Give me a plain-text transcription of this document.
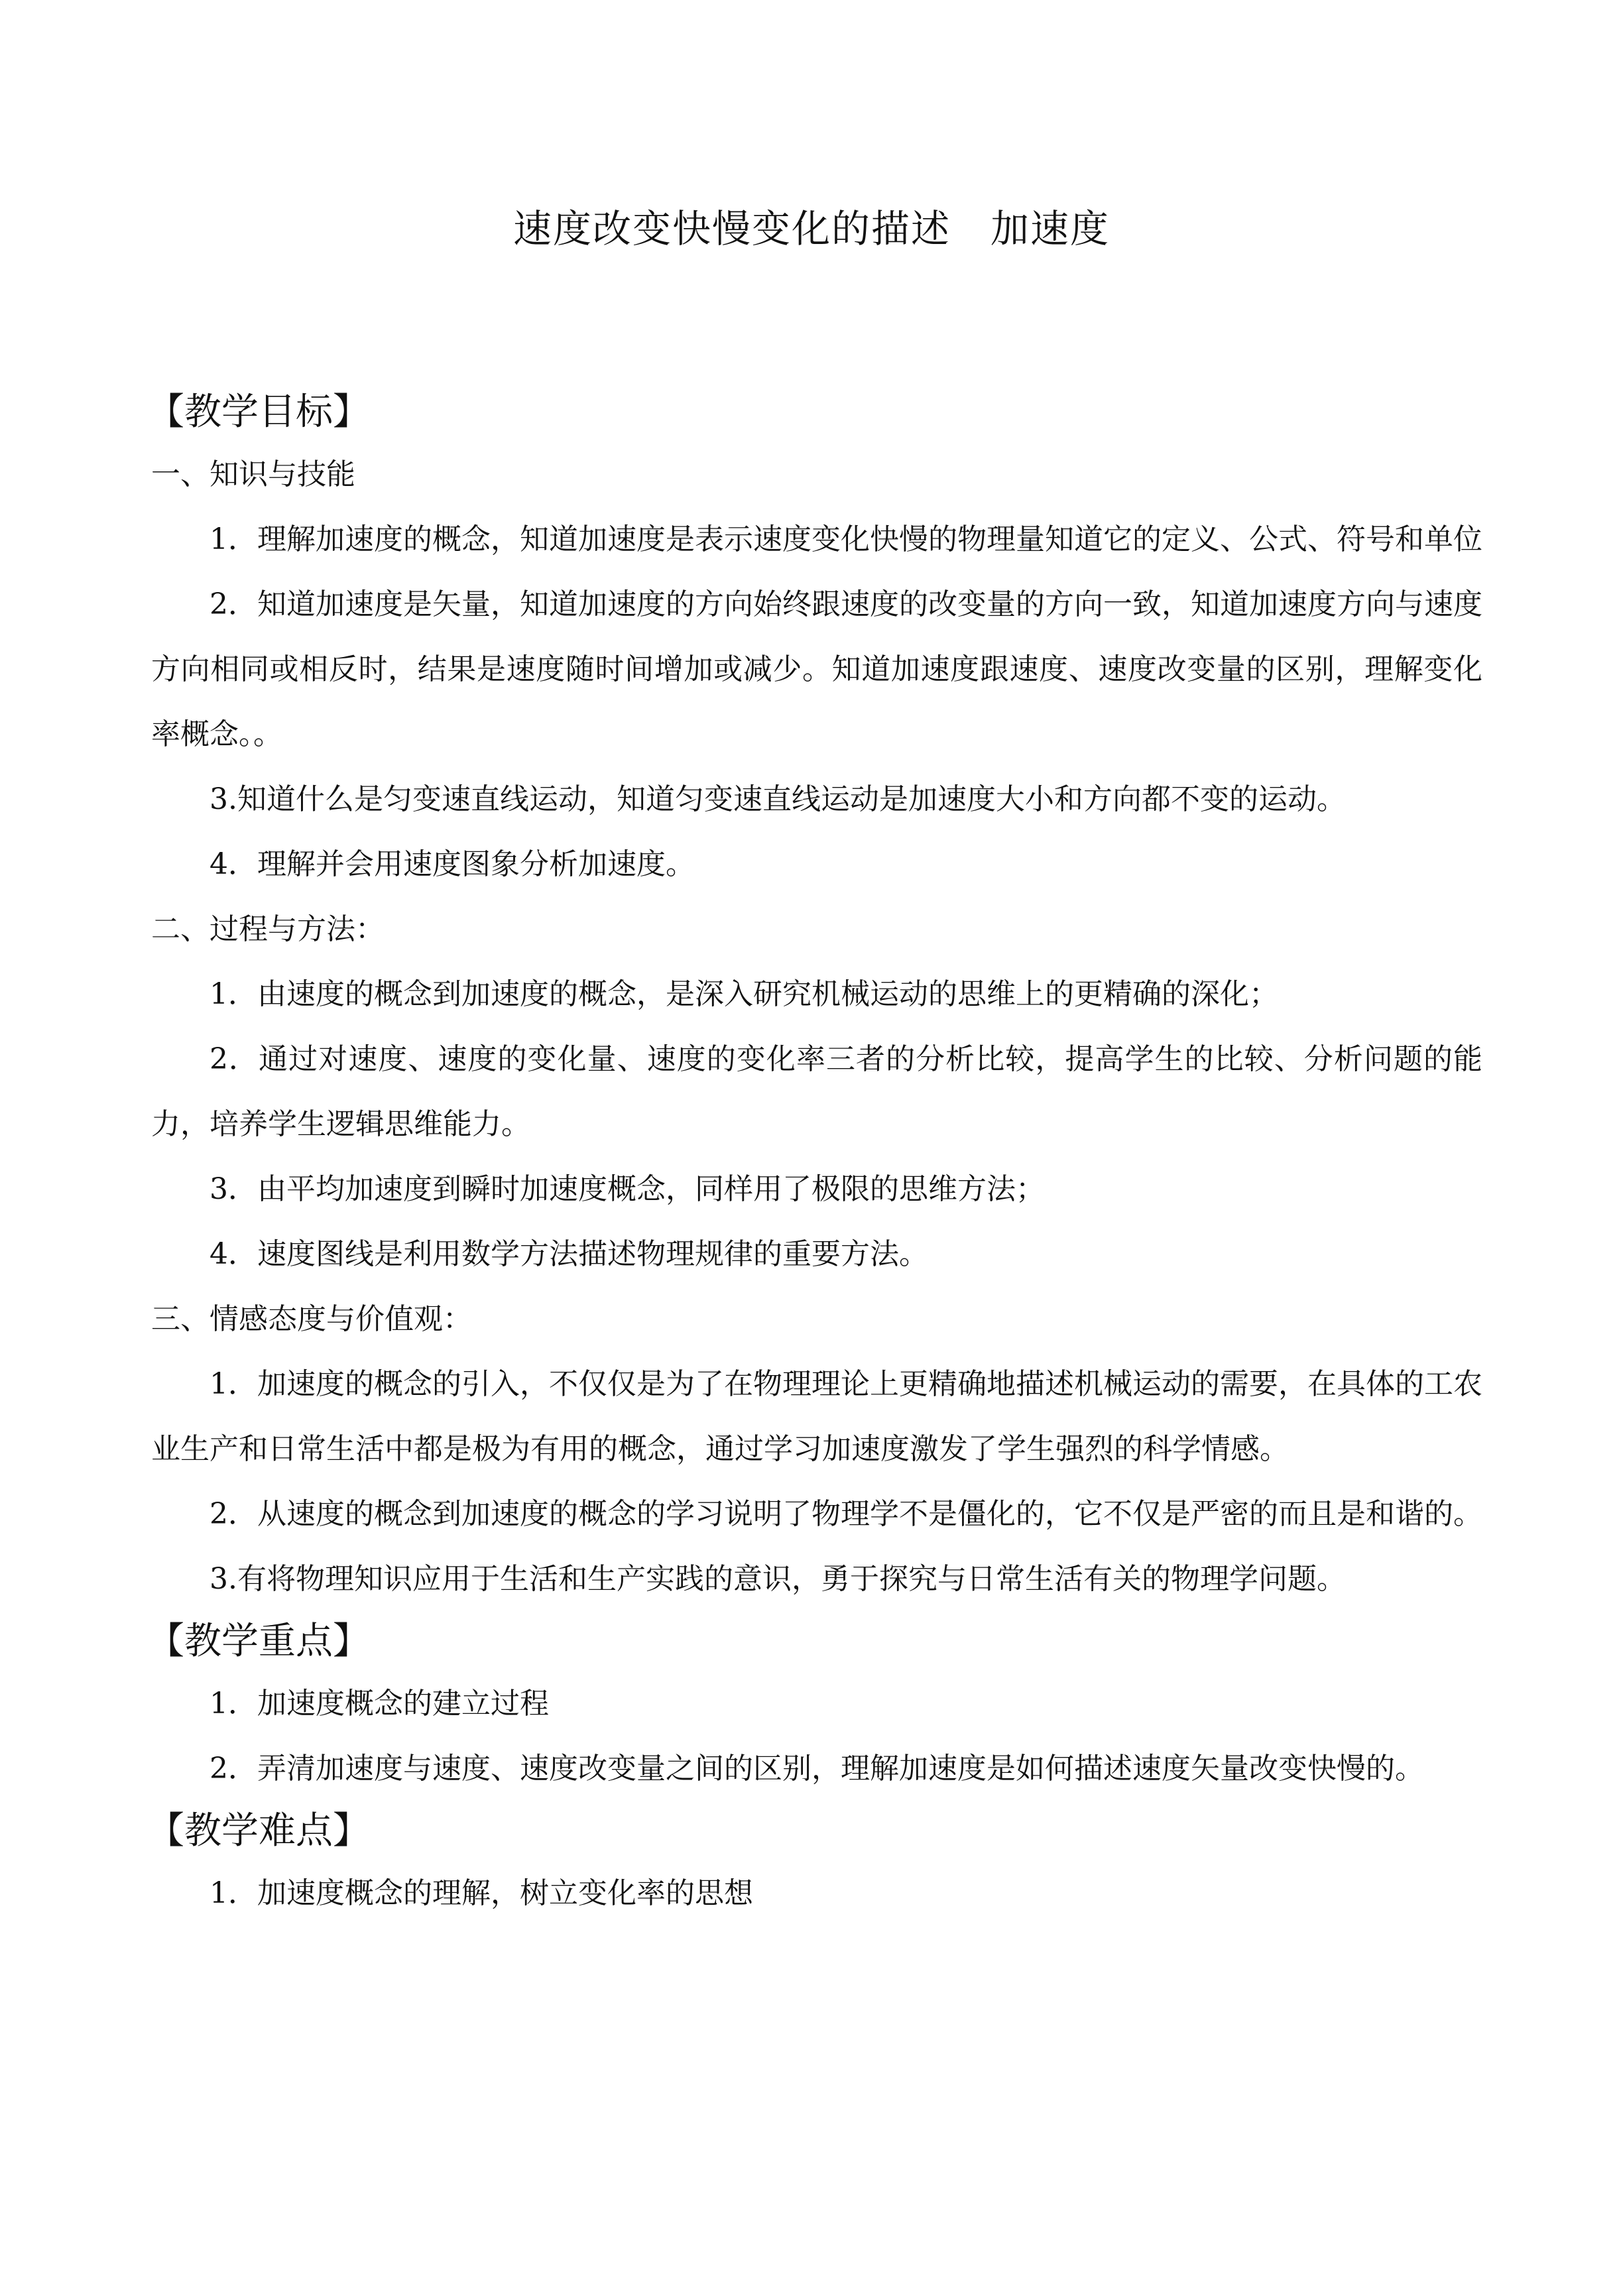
速度改变快慢变化的描述　加速度
【教学目标】
一、知识与技能
1．理解加速度的概念，知道加速度是表示速度变化快慢的物理量知道它的定义、公式、符号和单位
2．知道加速度是矢量，知道加速度的方向始终跟速度的改变量的方向一致，知道加速度方向与速度方向相同或相反时，结果是速度随时间增加或减少。知道加速度跟速度、速度改变量的区别，理解变化率概念。。
3.知道什么是匀变速直线运动，知道匀变速直线运动是加速度大小和方向都不变的运动。
4．理解并会用速度图象分析加速度。
二、过程与方法：
1．由速度的概念到加速度的概念，是深入研究机械运动的思维上的更精确的深化；
2．通过对速度、速度的变化量、速度的变化率三者的分析比较，提高学生的比较、分析问题的能力，培养学生逻辑思维能力。
3．由平均加速度到瞬时加速度概念，同样用了极限的思维方法；
4．速度图线是利用数学方法描述物理规律的重要方法。
三、情感态度与价值观：
1．加速度的概念的引入，不仅仅是为了在物理理论上更精确地描述机械运动的需要，在具体的工农业生产和日常生活中都是极为有用的概念，通过学习加速度激发了学生强烈的科学情感。
2．从速度的概念到加速度的概念的学习说明了物理学不是僵化的，它不仅是严密的而且是和谐的。
3.有将物理知识应用于生活和生产实践的意识，勇于探究与日常生活有关的物理学问题。
【教学重点】
1．加速度概念的建立过程
2．弄清加速度与速度、速度改变量之间的区别，理解加速度是如何描述速度矢量改变快慢的。
【教学难点】
1．加速度概念的理解，树立变化率的思想
